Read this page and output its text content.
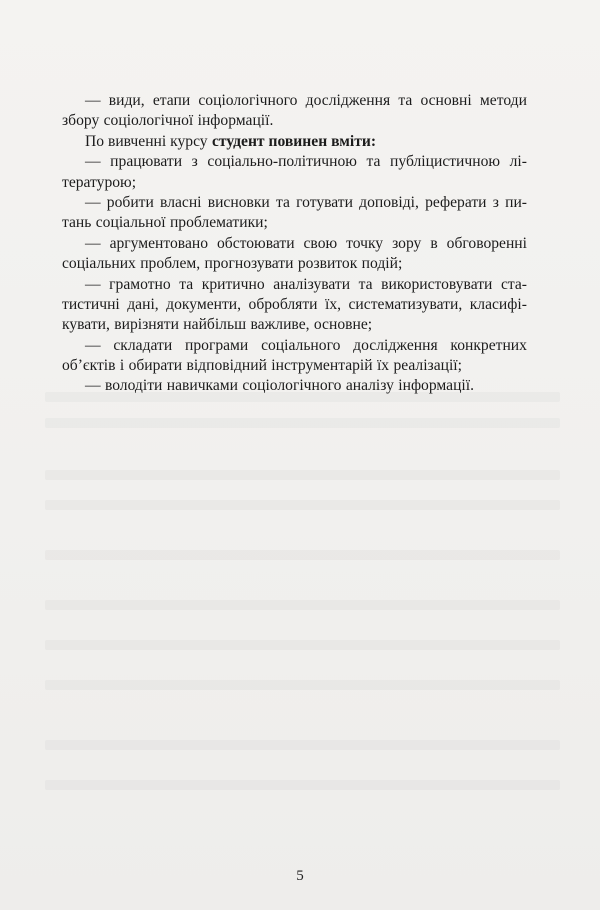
— види, етапи соціологічного дослідження та основні методи
збору соціологічної інформації.
По вивченні курсу студент повинен вміти:
— працювати з соціально-політичною та публіцистичною лі-
тературою;
— робити власні висновки та готувати доповіді, реферати з пи-
тань соціальної проблематики;
— аргументовано обстоювати свою точку зору в обговоренні
соціальних проблем, прогнозувати розвиток подій;
— грамотно та критично аналізувати та використовувати ста-
тистичні дані, документи, обробляти їх, систематизувати, класифі-
кувати, вирізняти найбільш важливе, основне;
— складати програми соціального дослідження конкретних
об’єктів і обирати відповідний інструментарій їх реалізації;
— володіти навичками соціологічного аналізу інформації.
5
